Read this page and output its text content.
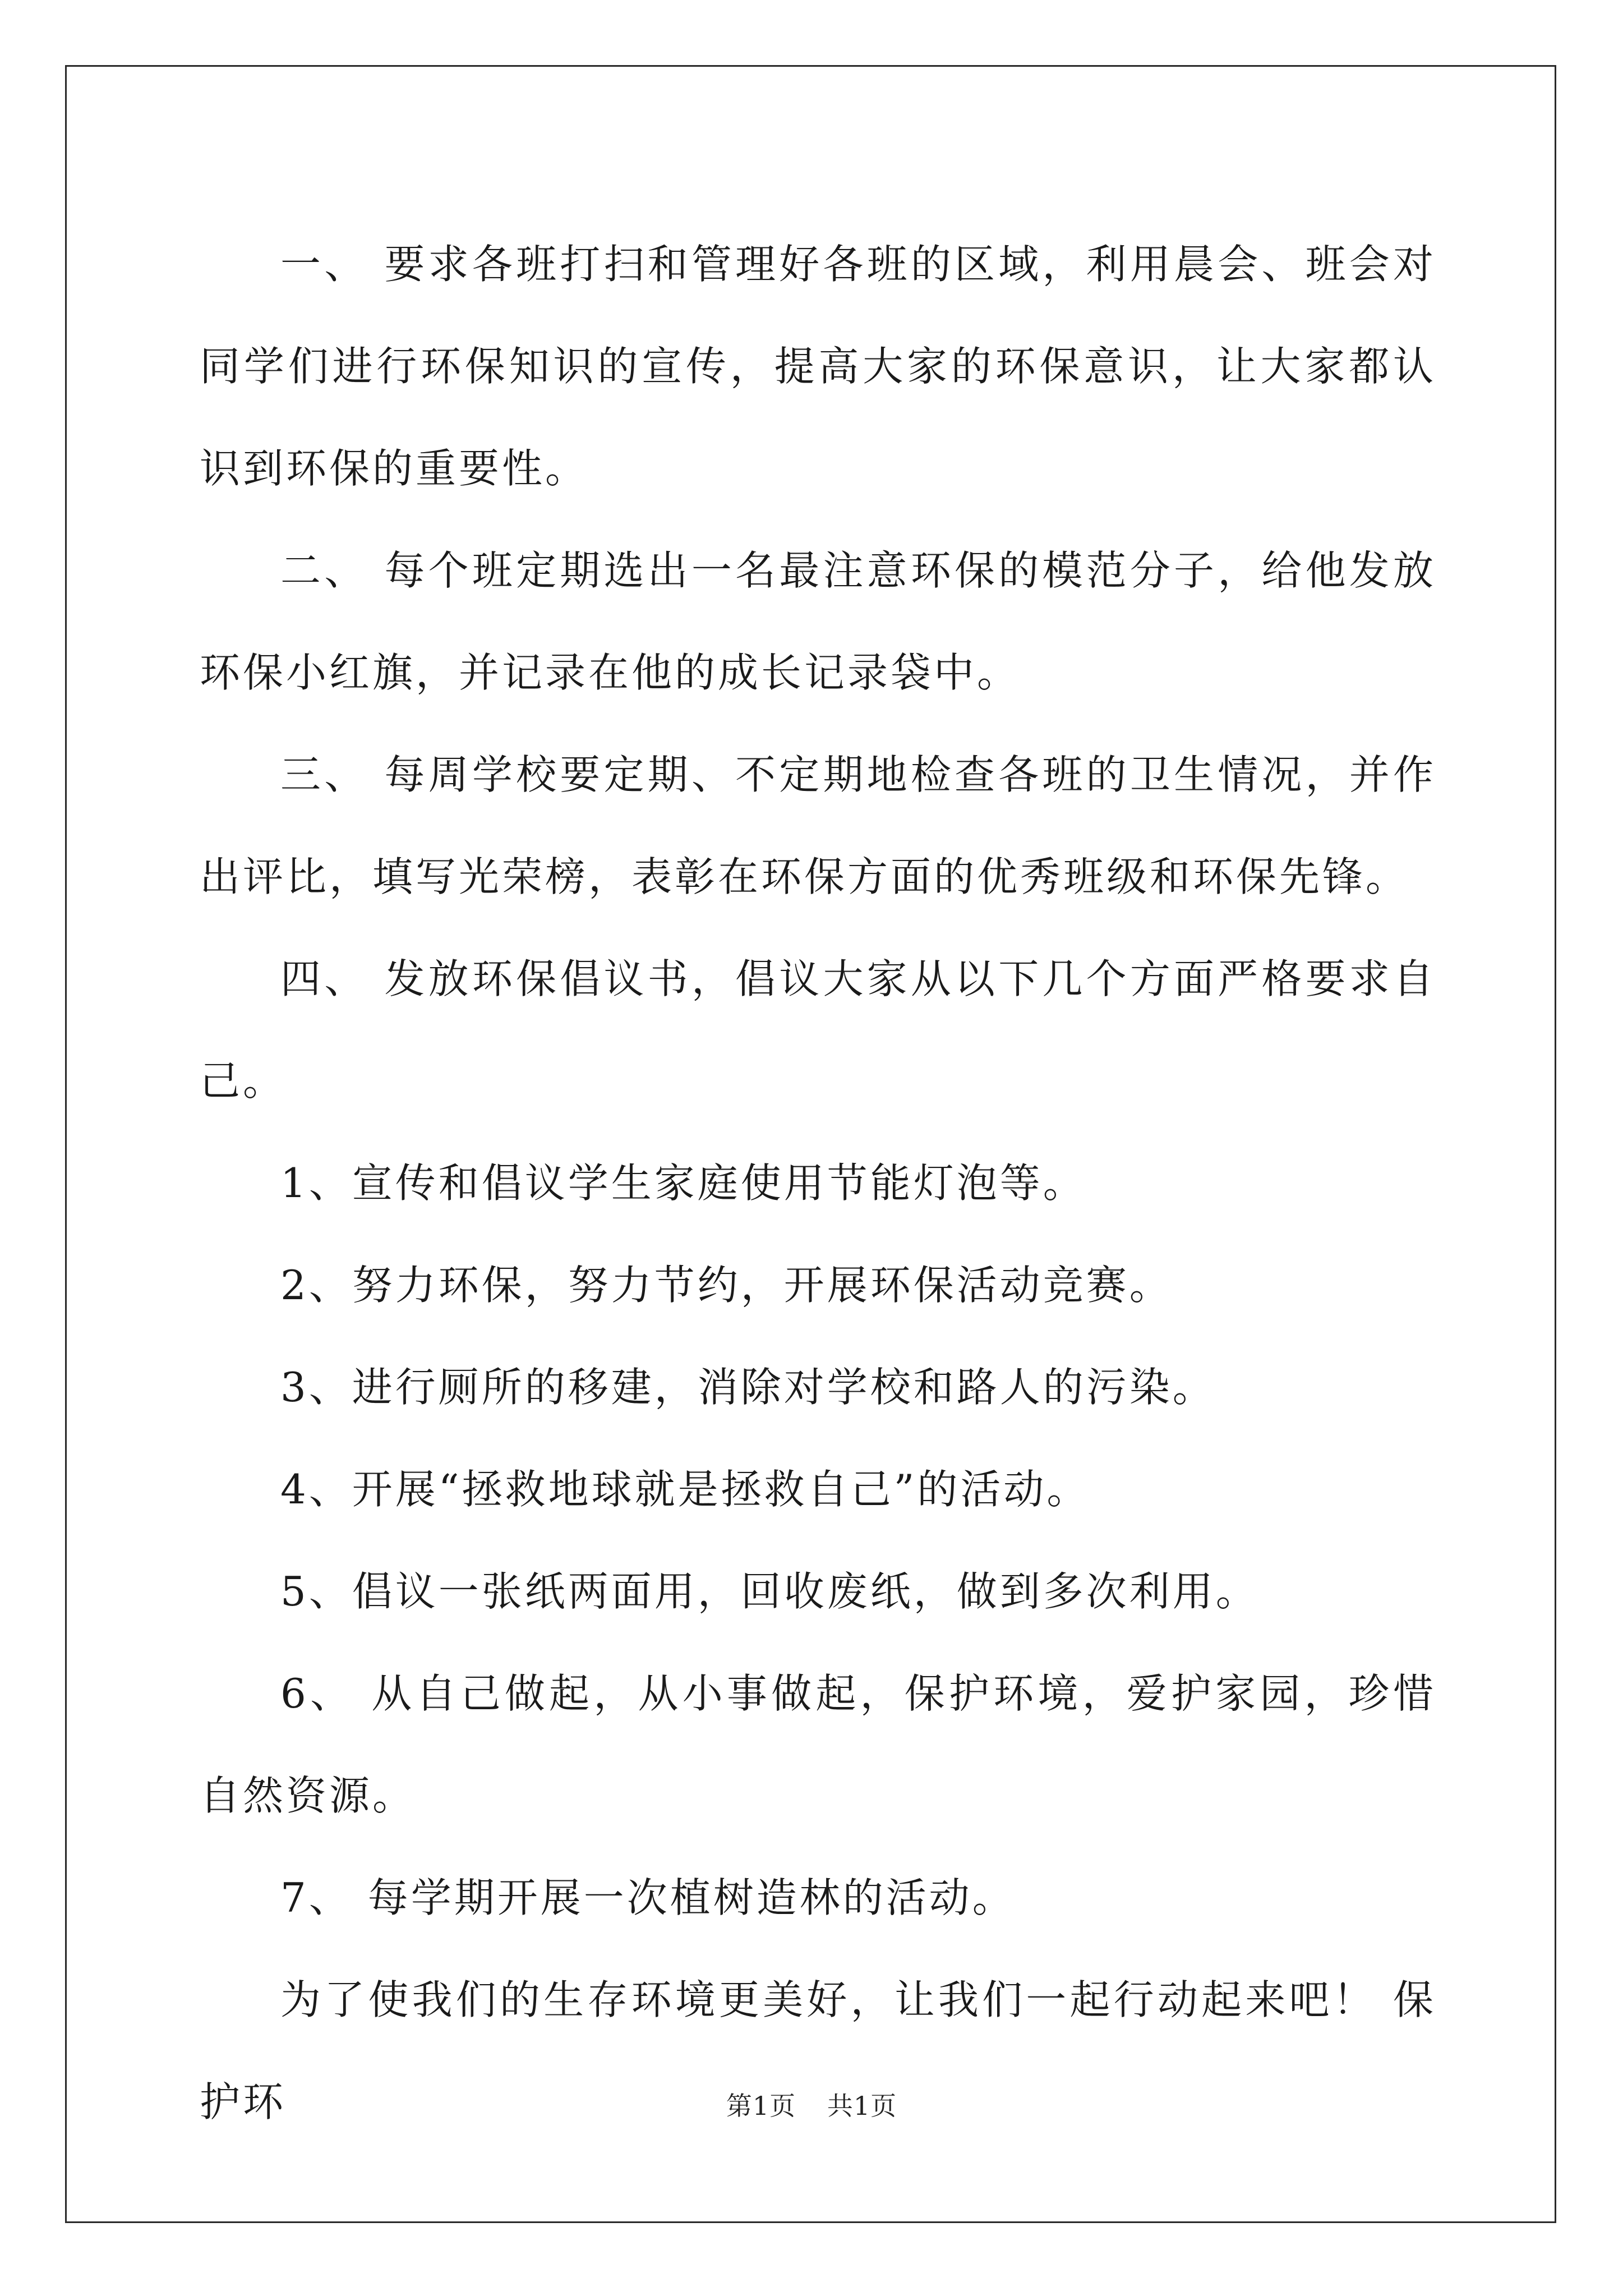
一、 要求各班打扫和管理好各班的区域，利用晨会、班会对同学们进行环保知识的宣传，提高大家的环保意识，让大家都认识到环保的重要性。

二、 每个班定期选出一名最注意环保的模范分子，给他发放环保小红旗，并记录在他的成长记录袋中。

三、 每周学校要定期、不定期地检查各班的卫生情况，并作出评比，填写光荣榜，表彰在环保方面的优秀班级和环保先锋。

四、 发放环保倡议书，倡议大家从以下几个方面严格要求自己。

1、宣传和倡议学生家庭使用节能灯泡等。

2、努力环保，努力节约，开展环保活动竞赛。

3、进行厕所的移建，消除对学校和路人的污染。

4、开展“拯救地球就是拯救自己”的活动。

5、倡议一张纸两面用，回收废纸，做到多次利用。

6、 从自己做起，从小事做起，保护环境，爱护家园，珍惜自然资源。

7、 每学期开展一次植树造林的活动。

为了使我们的生存环境更美好，让我们一起行动起来吧！ 保护环	第1页 共1页
